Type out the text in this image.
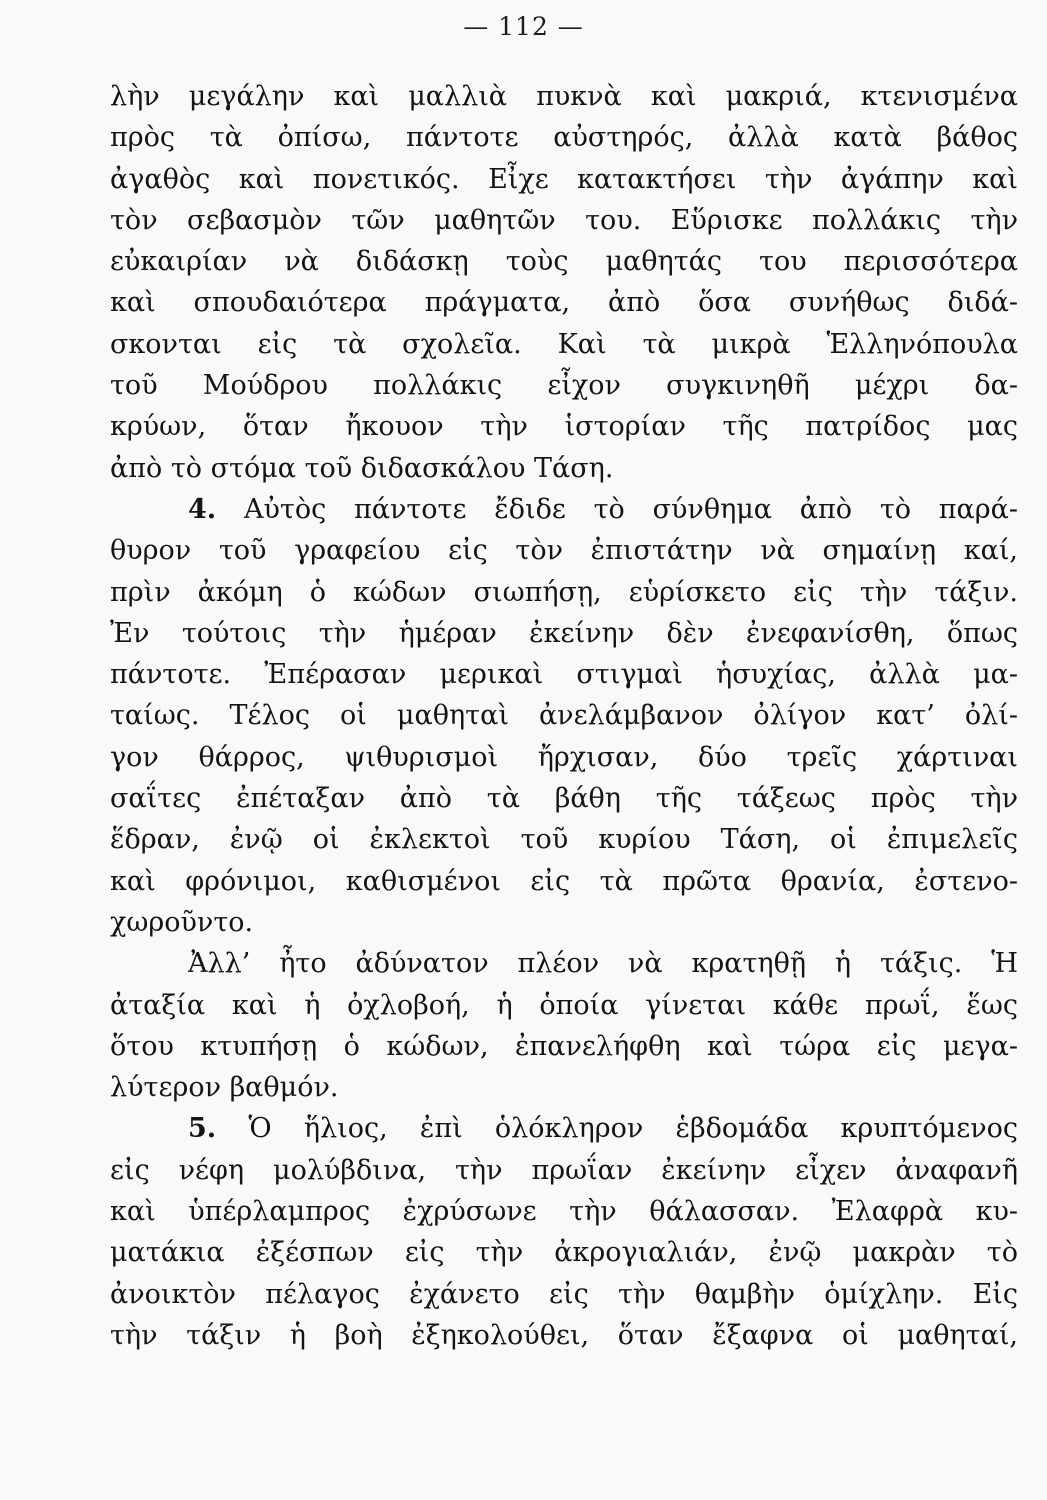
— 112 —
λὴν μεγάλην καὶ μαλλιὰ πυκνὰ καὶ μακριά, κτενισμένα
πρὸς τὰ ὀπίσω, πάντοτε αὐστηρός, ἀλλὰ κατὰ βάθος
ἀγαθὸς καὶ πονετικός. Εἶχε κατακτήσει τὴν ἀγάπην καὶ
τὸν σεβασμὸν τῶν μαθητῶν του. Εὕρισκε πολλάκις τὴν
εὐκαιρίαν νὰ διδάσκῃ τοὺς μαθητάς του περισσότερα
καὶ σπουδαιότερα πράγματα, ἀπὸ ὅσα συνήθως διδά-
σκονται εἰς τὰ σχολεῖα. Καὶ τὰ μικρὰ Ἑλληνόπουλα
τοῦ Μούδρου πολλάκις εἶχον συγκινηθῆ μέχρι δα-
κρύων, ὅταν ἤκουον τὴν ἱστορίαν τῆς πατρίδος μας
ἀπὸ τὸ στόμα τοῦ διδασκάλου Τάση.
4. Αὐτὸς πάντοτε ἔδιδε τὸ σύνθημα ἀπὸ τὸ παρά-
θυρον τοῦ γραφείου εἰς τὸν ἐπιστάτην νὰ σημαίνῃ καί,
πρὶν ἀκόμη ὁ κώδων σιωπήσῃ, εὑρίσκετο εἰς τὴν τάξιν.
Ἐν τούτοις τὴν ἡμέραν ἐκείνην δὲν ἐνεφανίσθη, ὅπως
πάντοτε. Ἐπέρασαν μερικαὶ στιγμαὶ ἡσυχίας, ἀλλὰ μα-
ταίως. Τέλος οἱ μαθηταὶ ἀνελάμβανον ὀλίγον κατ’ ὀλί-
γον θάρρος, ψιθυρισμοὶ ἤρχισαν, δύο τρεῖς χάρτιναι
σαΐτες ἐπέταξαν ἀπὸ τὰ βάθη τῆς τάξεως πρὸς τὴν
ἕδραν, ἐνῷ οἱ ἐκλεκτοὶ τοῦ κυρίου Τάση, οἱ ἐπιμελεῖς
καὶ φρόνιμοι, καθισμένοι εἰς τὰ πρῶτα θρανία, ἐστενο-
χωροῦντο.
Ἀλλ’ ἦτο ἀδύνατον πλέον νὰ κρατηθῇ ἡ τάξις. Ἡ
ἀταξία καὶ ἡ ὀχλοβοή, ἡ ὁποία γίνεται κάθε πρωΐ, ἕως
ὅτου κτυπήσῃ ὁ κώδων, ἐπανελήφθη καὶ τώρα εἰς μεγα-
λύτερον βαθμόν.
5. Ὁ ἥλιος, ἐπὶ ὁλόκληρον ἑβδομάδα κρυπτόμενος
εἰς νέφη μολύβδινα, τὴν πρωΐαν ἐκείνην εἶχεν ἀναφανῆ
καὶ ὑπέρλαμπρος ἐχρύσωνε τὴν θάλασσαν. Ἐλαφρὰ κυ-
ματάκια ἐξέσπων εἰς τὴν ἀκρογιαλιάν, ἐνῷ μακρὰν τὸ
ἀνοικτὸν πέλαγος ἐχάνετο εἰς τὴν θαμβὴν ὁμίχλην. Εἰς
τὴν τάξιν ἡ βοὴ ἐξηκολούθει, ὅταν ἔξαφνα οἱ μαθηταί,
